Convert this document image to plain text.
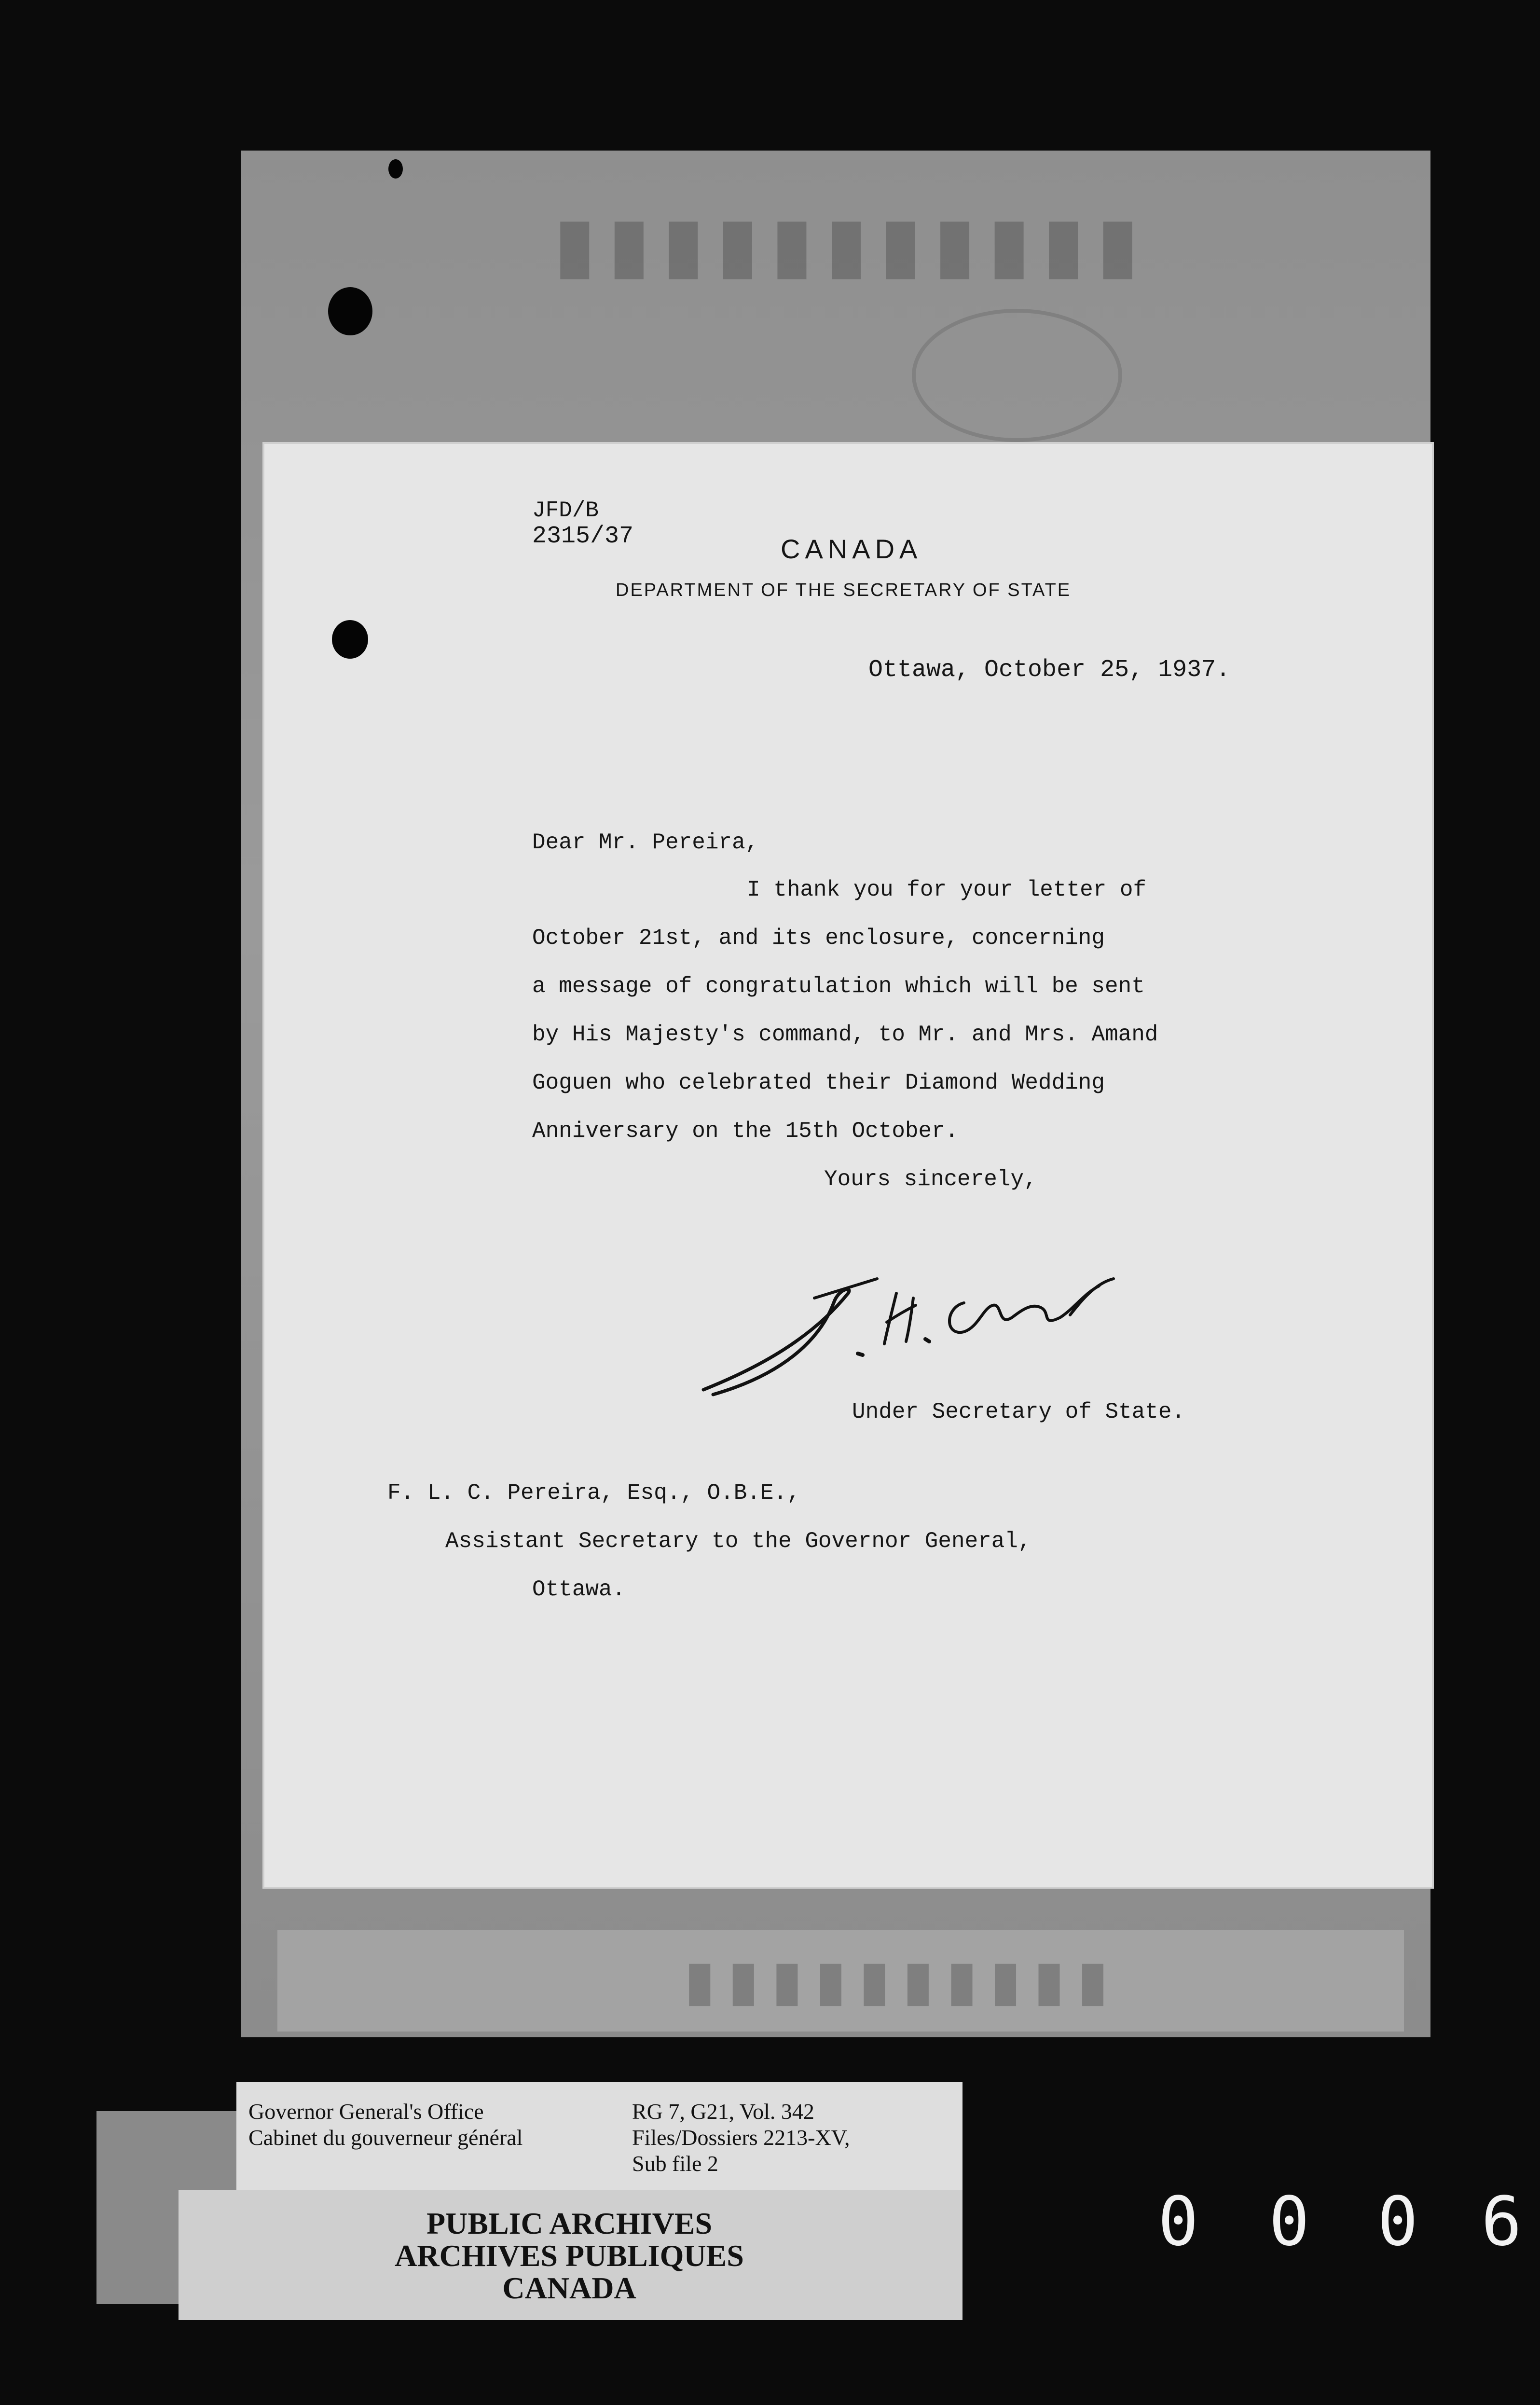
▮▮▮▮▮▮▮▮▮▮▮
▮▮▮▮▮▮▮▮▮▮
JFD/B
2315/37	CANADA
DEPARTMENT OF THE SECRETARY OF STATE
Ottawa, October 25, 1937.
Dear Mr. Pereira,
I thank you for your letter of
October 21st, and its enclosure, concerning
a message of congratulation which will be sent
by His Majesty's command, to Mr. and Mrs. Amand
Goguen who celebrated their Diamond Wedding
Anniversary on the 15th October.
Yours sincerely,
Under Secretary of State.
F. L. C. Pereira, Esq., O.B.E.,
Assistant Secretary to the Governor General,
Ottawa.
Governor General's Office
Cabinet du gouverneur général
RG 7, G21, Vol. 342
Files/Dossiers 2213-XV,
Sub file 2
PUBLIC ARCHIVES
ARCHIVES PUBLIQUES
CANADA
0 0 0 6
